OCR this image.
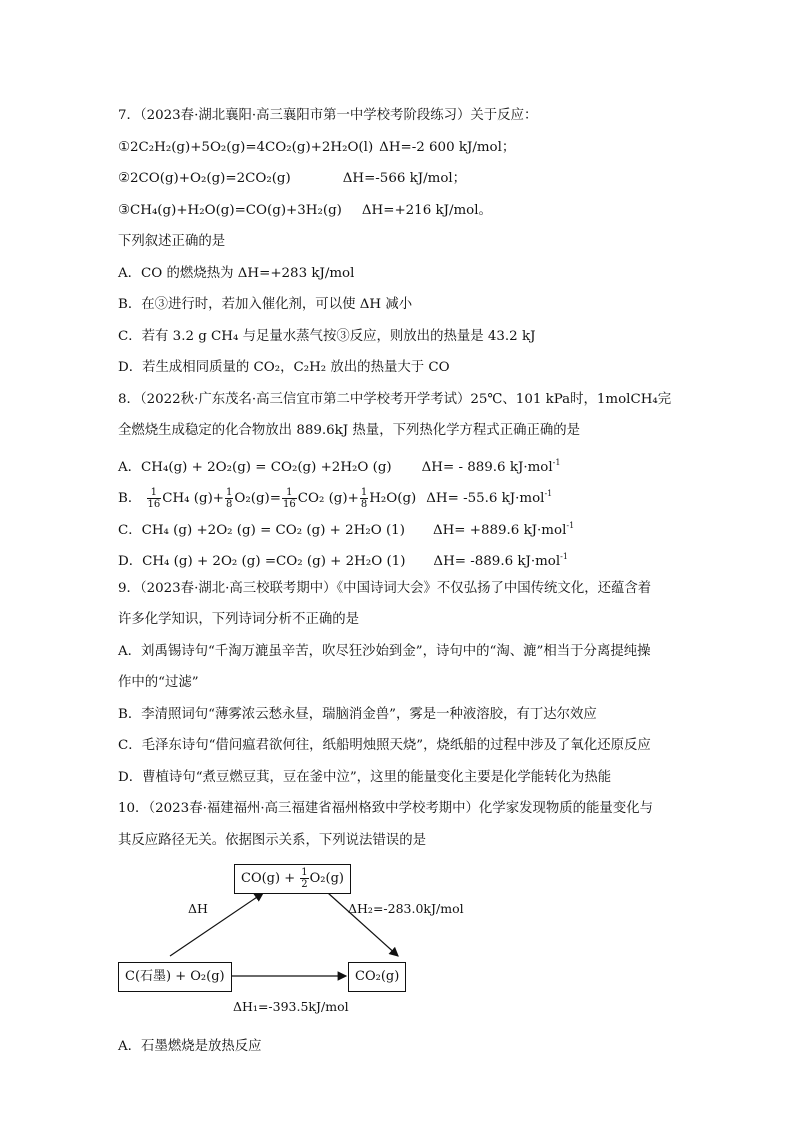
7．（2023春·湖北襄阳·高三襄阳市第一中学校考阶段练习）关于反应：
①2C₂H₂(g)+5O₂(g)=4CO₂(g)+2H₂O(l) ΔH=-2 600 kJ/mol；
②2CO(g)+O₂(g)=2CO₂(g)	ΔH=-566 kJ/mol；
③CH₄(g)+H₂O(g)=CO(g)+3H₂(g) ΔH=+216 kJ/mol。
下列叙述正确的是
A．CO 的燃烧热为 ΔH=+283 kJ/mol
B．在③进行时，若加入催化剂，可以使 ΔH 减小
C．若有 3.2 g CH₄ 与足量水蒸气按③反应，则放出的热量是 43.2 kJ
D．若生成相同质量的 CO₂，C₂H₂ 放出的热量大于 CO
8．（2022秋·广东茂名·高三信宜市第二中学校考开学考试）25℃、101 kPa时，1molCH₄完
全燃烧生成稳定的化合物放出 889.6kJ 热量，下列热化学方程式正确正确的是
A．CH₄(g) + 2O₂(g) = CO₂(g) +2H₂O (g) ΔH= - 889.6 kJ·mol$^{-1}$
B． $\frac{1}{16} CH_4$ $(g)+ \frac{1}{8} O_2(g)= \frac{1}{16} CO_2$ $(g)+ \frac{1}{8} H_2O(g)$ ΔH= -55.6 kJ·mol$^{-1}$
C．CH₄ (g) +2O₂ (g) = CO₂ (g) + 2H₂O (1) ΔH= +889.6 kJ·mol$^{-1}$
D．CH₄ (g) + 2O₂ (g) =CO₂ (g) + 2H₂O (1) ΔH= -889.6 kJ·mol$^{-1}$
9．（2023春·湖北·高三校联考期中）《中国诗词大会》不仅弘扬了中国传统文化，还蕴含着
许多化学知识，下列诗词分析不正确的是
A．刘禹锡诗句“千淘万漉虽辛苦，吹尽狂沙始到金”，诗句中的“淘、漉”相当于分离提纯操
作中的“过滤”
B．李清照词句“薄雾浓云愁永昼，瑞脑消金兽”，雾是一种液溶胶，有丁达尔效应
C．毛泽东诗句“借问瘟君欲何往，纸船明烛照天烧”，烧纸船的过程中涉及了氧化还原反应
D．曹植诗句“煮豆燃豆萁，豆在釜中泣”，这里的能量变化主要是化学能转化为热能
10．（2023春·福建福州·高三福建省福州格致中学校考期中）化学家发现物质的能量变化与
其反应路径无关。依据图示关系，下列说法错误的是
$CO(g) + \frac{1}{2} O_2(g)$
C(石墨) + O₂(g)	CO₂(g)
ΔH	ΔH₂=-283.0kJ/mol
ΔH₁=-393.5kJ/mol
A．石墨燃烧是放热反应
